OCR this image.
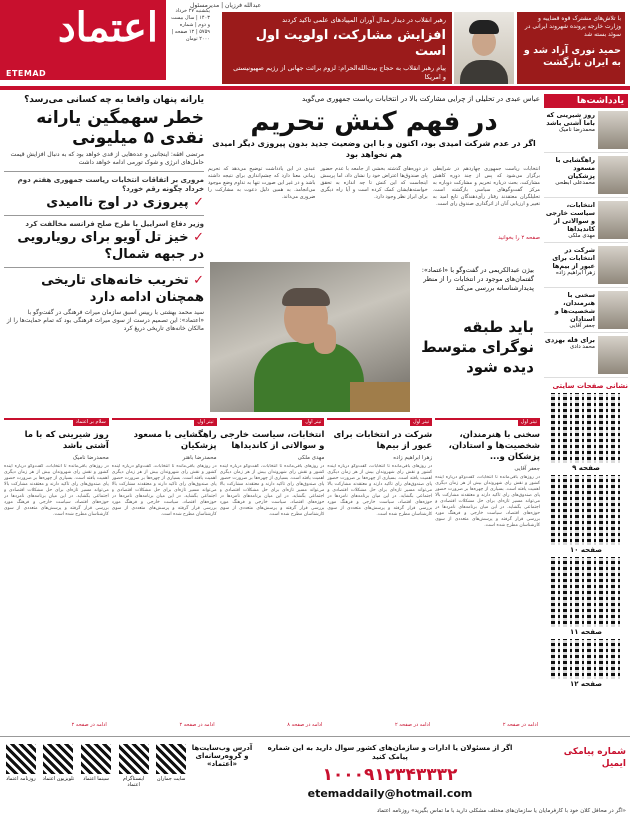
اعتماد
ETEMAD
عبدالله فرزیان | مدیرمسئول
یکشنبه ۲۷ خرداد ۱۴۰۳ | سال بیست و دوم | شماره ۵۷۵۹ | ۱۲ صفحه | ۲۰۰۰ تومان
Sun 16 Jun 2024 No.5759 12 Pages 20000 Rials
رهبر انقلاب در دیدار مدال آوران المپیادهای علمی تاکید کردند
افزایش مشارکت، اولویت اول است
پیام رهبر انقلاب به حجاج بیت‌الله‌الحرام: لزوم برائت جهانی از رژیم صهیونیستی و امریکا
با تلاش‌های مشترک قوه قضاییه و وزارت خارجه پرونده شهروند ایرانی در سوئد بسته شد
حمید نوری آزاد شد و به ایران بازگشت
یارانه پنهان واقعا به چه کسانی می‌رسد؟
خطر سهمگین یارانه نقدی ۵ میلیونی
مرتضی افقه: اینجانبی و عده‌هایی از قدی خواهد بود که به دنبال افزایش قیمت حامل‌های انرژی و شوک تورمی ادامه خواهد داشت
مروری بر اتفاقات انتخابات ریاست جمهوری هفتم دوم خرداد چگونه رقم خورد؟
✓ پیروزی در اوج ناامیدی
وزیر دفاع اسراییل با طرح صلح فرانسه مخالفت کرد
✓ خیز تل آویو برای رویارویی در جبهه شمال؟
✓ تخریب خانه‌های تاریخی همچنان ادامه دارد
سید محمد بهشتی با رییس اسبق سازمان میراث فرهنگی در گفت‌وگو با «اعتماد»: این تصمیم درست از سوی میراث فرهنگی بود که تمام حمایت‌ها را از مالکان خانه‌های تاریخی دریغ کرد
عباس عبدی در تحلیلی از چرایی مشارکت بالا در انتخابات ریاست جمهوری می‌گوید
در فهم کنش تحریم
اگر در عدم شرکت امیدی بود، اکنون و با این وضعیت جدید بدون پیروزی دیگر امیدی هم نخواهد بود
انتخابات ریاست جمهوری چهاردهم در شرایطی برگزار می‌شود که پس از چند دوره کاهش مشارکت، بحث درباره تحریم و مشارکت دوباره به مرکز گفت‌وگوهای سیاسی بازگشته است. تحلیلگران معتقدند رفتار رأی‌دهندگان تابع امید به تغییر و ارزیابی آنان از اثرگذاری صندوق رای است.
در دوره‌های گذشته بخشی از جامعه با عدم حضور پای صندوق‌ها اعتراض خود را نشان داد، اما پرسش اینجاست که این کنش تا چه اندازه به تحقق خواسته‌هایشان کمک کرده است و آیا راه دیگری برای ابراز نظر وجود دارد.
عبدی در این یادداشت توضیح می‌دهد که تحریم زمانی معنا دارد که چشم‌اندازی برای نتیجه داشته باشد و در غیر این صورت تنها به تداوم وضع موجود می‌انجامد. به همین دلیل دعوت به مشارکت را ضروری می‌داند.
صفحه ۲ را بخوانید
بیژن عبدالکریمی در گفت‌وگو با «اعتماد»: گفتمان‌های موجود در انتخابات را از منظر پدیدارشناسانه بررسی می‌کند
باید طبقه نوگرای متوسط دیده شود
یادداشت‌ها
روز شیرینی که باما آشتی باشد
محمدرضا نامیک
راهگشایی با مسعود پزشکیان
محمدعلی ابطحی
انتخابات، سیاست خارجی و سوالاتی از کاندیداها
مهدی ملکی
شرکت در انتخابات برای عبور از بیم‌ها
زهرا ابراهیم زاده
سخنی با هنرمندان، شخصیت‌ها و استادان
جعفر آقایی
برای قله بهزدی
محمد دادی
نشانی صفحات سایتی
صفحه ۹
صفحه ۱۰
صفحه ۱۱
صفحه ۱۲
سلام بر اعتماد
روز شیرینی که با ما آشتی باشد
محمدرضا نامیک
در روزهای باقی‌مانده تا انتخابات، گفت‌وگو درباره آینده کشور و نقش رای شهروندان بیش از هر زمان دیگری اهمیت یافته است. بسیاری از چهره‌ها بر ضرورت حضور پای صندوق‌های رای تاکید دارند و معتقدند مشارکت بالا می‌تواند مسیر تازه‌ای برای حل مشکلات اقتصادی و اجتماعی بگشاید. در این میان برنامه‌های نامزدها در حوزه‌های اقتصاد، سیاست خارجی و فرهنگ مورد بررسی قرار گرفته و پرسش‌های متعددی از سوی کارشناسان مطرح شده است.
ادامه در صفحه ۲
تیتر اول
راهگشایی با مسعود پزشکیان
محمدرضا باهنر
در روزهای باقی‌مانده تا انتخابات، گفت‌وگو درباره آینده کشور و نقش رای شهروندان بیش از هر زمان دیگری اهمیت یافته است. بسیاری از چهره‌ها بر ضرورت حضور پای صندوق‌های رای تاکید دارند و معتقدند مشارکت بالا می‌تواند مسیر تازه‌ای برای حل مشکلات اقتصادی و اجتماعی بگشاید. در این میان برنامه‌های نامزدها در حوزه‌های اقتصاد، سیاست خارجی و فرهنگ مورد بررسی قرار گرفته و پرسش‌های متعددی از سوی کارشناسان مطرح شده است.
ادامه در صفحه ۲
تیتر اول
انتخابات، سیاست خارجی و سوالاتی از کاندیداها
مهدی ملکی
در روزهای باقی‌مانده تا انتخابات، گفت‌وگو درباره آینده کشور و نقش رای شهروندان بیش از هر زمان دیگری اهمیت یافته است. بسیاری از چهره‌ها بر ضرورت حضور پای صندوق‌های رای تاکید دارند و معتقدند مشارکت بالا می‌تواند مسیر تازه‌ای برای حل مشکلات اقتصادی و اجتماعی بگشاید. در این میان برنامه‌های نامزدها در حوزه‌های اقتصاد، سیاست خارجی و فرهنگ مورد بررسی قرار گرفته و پرسش‌های متعددی از سوی کارشناسان مطرح شده است.
ادامه در صفحه ۸
تیتر اول
شرکت در انتخابات برای عبور از بیم‌ها
زهرا ابراهیم زاده
در روزهای باقی‌مانده تا انتخابات، گفت‌وگو درباره آینده کشور و نقش رای شهروندان بیش از هر زمان دیگری اهمیت یافته است. بسیاری از چهره‌ها بر ضرورت حضور پای صندوق‌های رای تاکید دارند و معتقدند مشارکت بالا می‌تواند مسیر تازه‌ای برای حل مشکلات اقتصادی و اجتماعی بگشاید. در این میان برنامه‌های نامزدها در حوزه‌های اقتصاد، سیاست خارجی و فرهنگ مورد بررسی قرار گرفته و پرسش‌های متعددی از سوی کارشناسان مطرح شده است.
ادامه در صفحه ۲
تیتر اول
سخنی با هنرمندان، شخصیت‌ها و استادان، پزشکان و...
جعفر آقایی
در روزهای باقی‌مانده تا انتخابات، گفت‌وگو درباره آینده کشور و نقش رای شهروندان بیش از هر زمان دیگری اهمیت یافته است. بسیاری از چهره‌ها بر ضرورت حضور پای صندوق‌های رای تاکید دارند و معتقدند مشارکت بالا می‌تواند مسیر تازه‌ای برای حل مشکلات اقتصادی و اجتماعی بگشاید. در این میان برنامه‌های نامزدها در حوزه‌های اقتصاد، سیاست خارجی و فرهنگ مورد بررسی قرار گرفته و پرسش‌های متعددی از سوی کارشناسان مطرح شده است.
ادامه در صفحه ۲
سایت جماران
اینستاگرام اعتماد
سینما اعتماد
تلویزیون اعتماد
روزنامه اعتماد
آدرس وب‌سایت‌ها و گروه‌رسانه‌ای «اعتماد»
اگر از مسئولان یا ادارات و سازمان‌های کشور سوال دارید به این شماره پیامک کنید
۱۰۰۰۹۱۲۳۴۳۳۳۲
etemaddaily@hotmail.com
شماره پیامکی
ایمیل
«اگر در محافل کلان خود با کارفرمایان یا سازمان‌های مختلف مشکلی دارید با ما تماس بگیرید» روزنامه اعتماد
